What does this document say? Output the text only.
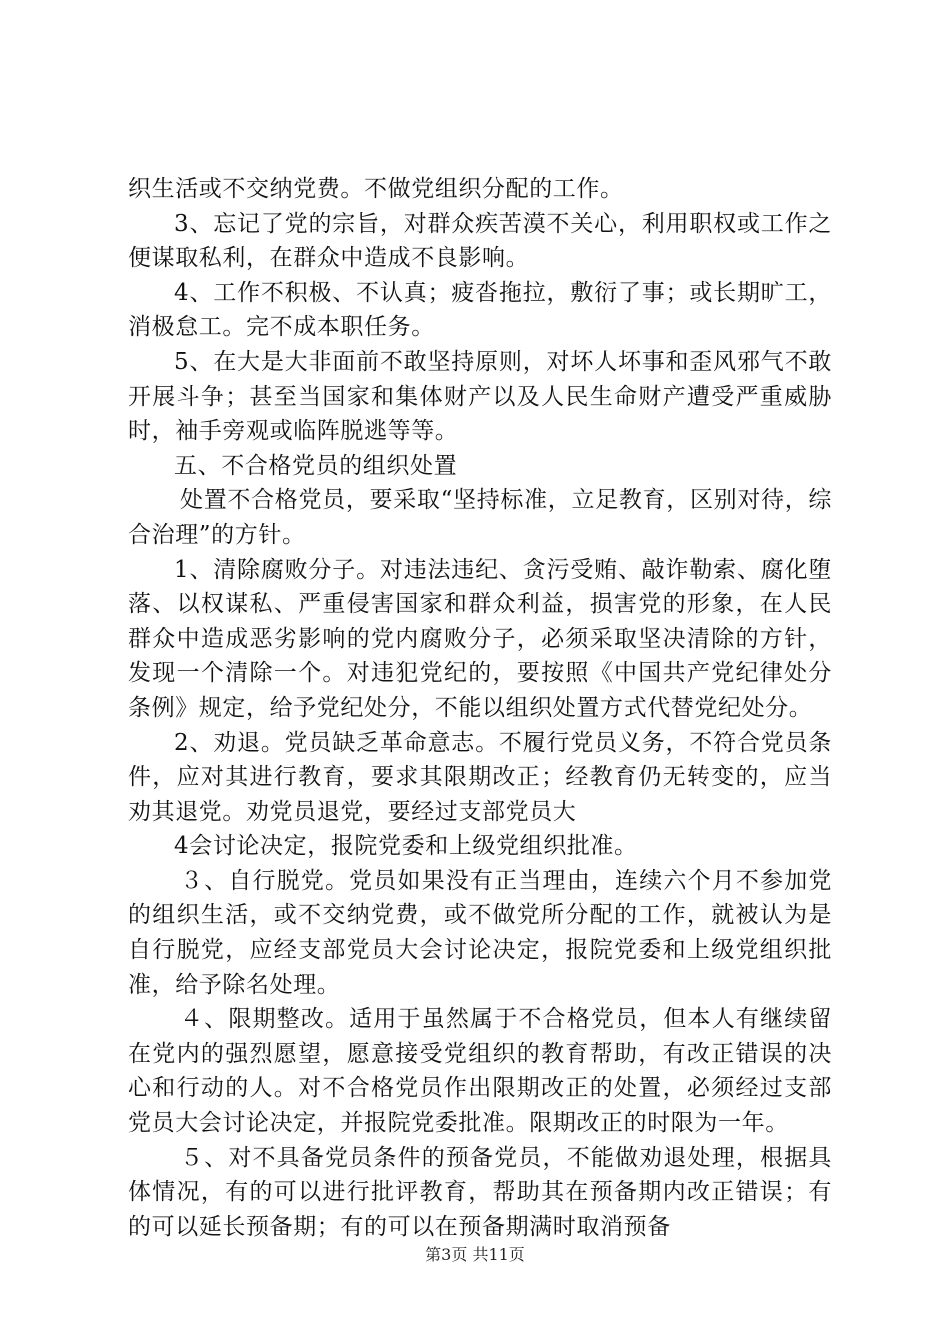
织生活或不交纳党费。不做党组织分配的工作。

3、忘记了党的宗旨，对群众疾苦漠不关心，利用职权或工作之便谋取私利，在群众中造成不良影响。

4、工作不积极、不认真；疲沓拖拉，敷衍了事；或长期旷工，消极怠工。完不成本职任务。

5、在大是大非面前不敢坚持原则，对坏人坏事和歪风邪气不敢开展斗争；甚至当国家和集体财产以及人民生命财产遭受严重威胁时，袖手旁观或临阵脱逃等等。

五、不合格党员的组织处置

处置不合格党员，要采取“坚持标准，立足教育，区别对待，综合治理”的方针。

1、清除腐败分子。对违法违纪、贪污受贿、敲诈勒索、腐化堕落、以权谋私、严重侵害国家和群众利益，损害党的形象，在人民群众中造成恶劣影响的党内腐败分子，必须采取坚决清除的方针，发现一个清除一个。对违犯党纪的，要按照《中国共产党纪律处分条例》规定，给予党纪处分，不能以组织处置方式代替党纪处分。

2、劝退。党员缺乏革命意志。不履行党员义务，不符合党员条件，应对其进行教育，要求其限期改正；经教育仍无转变的，应当劝其退党。劝党员退党，要经过支部党员大

4会讨论决定，报院党委和上级党组织批准。

３、自行脱党。党员如果没有正当理由，连续六个月不参加党的组织生活，或不交纳党费，或不做党所分配的工作，就被认为是自行脱党，应经支部党员大会讨论决定，报院党委和上级党组织批准，给予除名处理。

４、限期整改。适用于虽然属于不合格党员，但本人有继续留在党内的强烈愿望，愿意接受党组织的教育帮助，有改正错误的决心和行动的人。对不合格党员作出限期改正的处置，必须经过支部党员大会讨论决定，并报院党委批准。限期改正的时限为一年。

５、对不具备党员条件的预备党员，不能做劝退处理，根据具体情况，有的可以进行批评教育，帮助其在预备期内改正错误；有的可以延长预备期；有的可以在预备期满时取消预备

第3页 共11页
